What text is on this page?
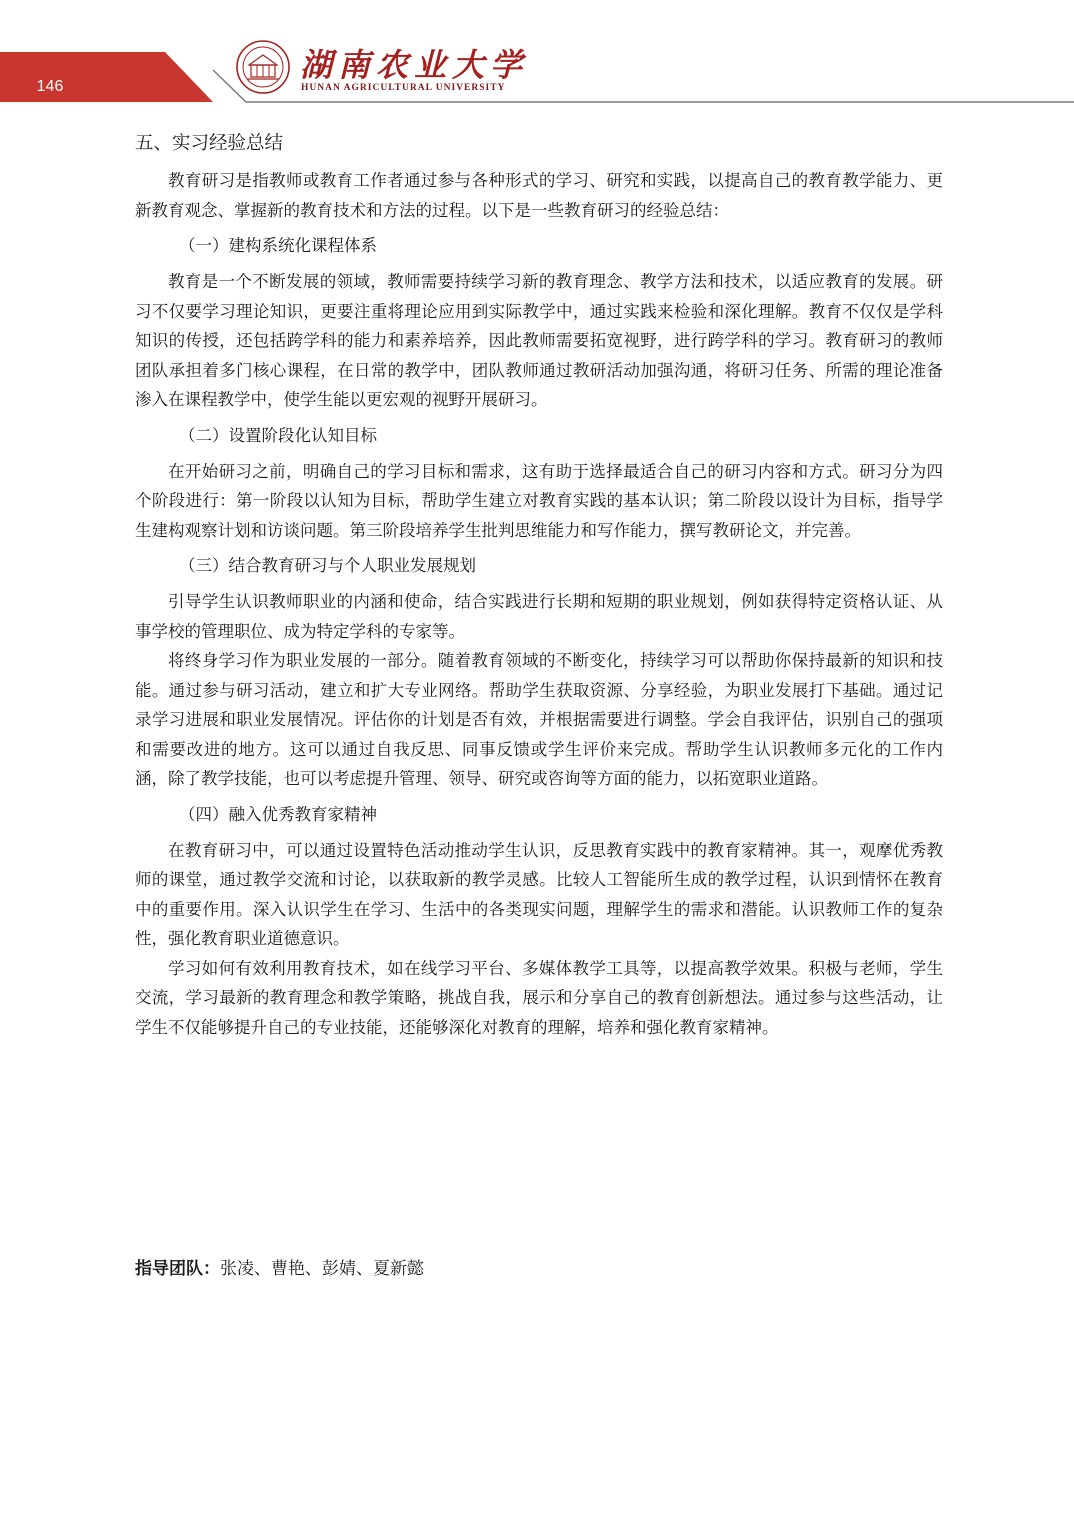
146
湖南农业大学
HUNAN AGRICULTURAL UNIVERSITY
五、实习经验总结

教育研习是指教师或教育工作者通过参与各种形式的学习、研究和实践，以提高自己的教育教学能力、更新教育观念、掌握新的教育技术和方法的过程。以下是一些教育研习的经验总结：

（一）建构系统化课程体系

教育是一个不断发展的领域，教师需要持续学习新的教育理念、教学方法和技术，以适应教育的发展。研习不仅要学习理论知识，更要注重将理论应用到实际教学中，通过实践来检验和深化理解。教育不仅仅是学科知识的传授，还包括跨学科的能力和素养培养，因此教师需要拓宽视野，进行跨学科的学习。教育研习的教师团队承担着多门核心课程，在日常的教学中，团队教师通过教研活动加强沟通，将研习任务、所需的理论准备渗入在课程教学中，使学生能以更宏观的视野开展研习。

（二）设置阶段化认知目标

在开始研习之前，明确自己的学习目标和需求，这有助于选择最适合自己的研习内容和方式。研习分为四个阶段进行：第一阶段以认知为目标，帮助学生建立对教育实践的基本认识；第二阶段以设计为目标，指导学生建构观察计划和访谈问题。第三阶段培养学生批判思维能力和写作能力，撰写教研论文，并完善。

（三）结合教育研习与个人职业发展规划

引导学生认识教师职业的内涵和使命，结合实践进行长期和短期的职业规划，例如获得特定资格认证、从事学校的管理职位、成为特定学科的专家等。

将终身学习作为职业发展的一部分。随着教育领域的不断变化，持续学习可以帮助你保持最新的知识和技能。通过参与研习活动，建立和扩大专业网络。帮助学生获取资源、分享经验，为职业发展打下基础。通过记录学习进展和职业发展情况。评估你的计划是否有效，并根据需要进行调整。学会自我评估，识别自己的强项和需要改进的地方。这可以通过自我反思、同事反馈或学生评价来完成。帮助学生认识教师多元化的工作内涵，除了教学技能，也可以考虑提升管理、领导、研究或咨询等方面的能力，以拓宽职业道路。

（四）融入优秀教育家精神

在教育研习中，可以通过设置特色活动推动学生认识，反思教育实践中的教育家精神。其一，观摩优秀教师的课堂，通过教学交流和讨论，以获取新的教学灵感。比较人工智能所生成的教学过程，认识到情怀在教育中的重要作用。深入认识学生在学习、生活中的各类现实问题，理解学生的需求和潜能。认识教师工作的复杂性，强化教育职业道德意识。

学习如何有效利用教育技术，如在线学习平台、多媒体教学工具等，以提高教学效果。积极与老师，学生交流，学习最新的教育理念和教学策略，挑战自我，展示和分享自己的教育创新想法。通过参与这些活动，让学生不仅能够提升自己的专业技能，还能够深化对教育的理解，培养和强化教育家精神。

指导团队：张凌、曹艳、彭婧、夏新懿
